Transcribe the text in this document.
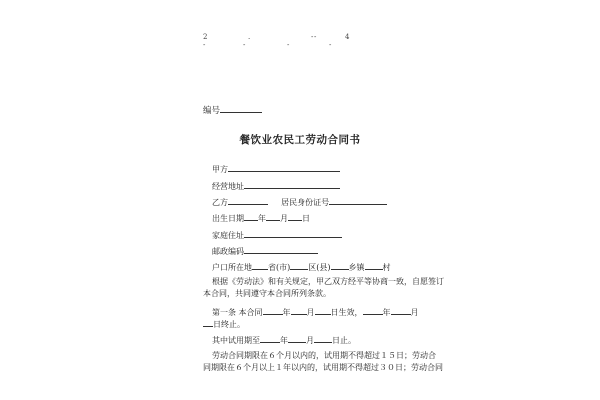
2	.	- -	4
-	-	-	-
编号
餐饮业农民工劳动合同书
甲方
经营地址
乙方	居民身份证号
出生日期 年 月 日
家庭住址
邮政编码
户口所在地 省(市) 区(县) 乡镇 村
根据《劳动法》和有关规定，甲乙双方经平等协商一致，自愿签订
本合同，共同遵守本合同所列条款。
第一条 本合同	年 月 日生效，	年	月
日终止。
其中试用期至	年 月 日止。
劳动合同期限在６个月以内的，试用期不得超过１５日；劳动合
同期限在６个月以上１年以内的，试用期不得超过３０日；劳动合同
